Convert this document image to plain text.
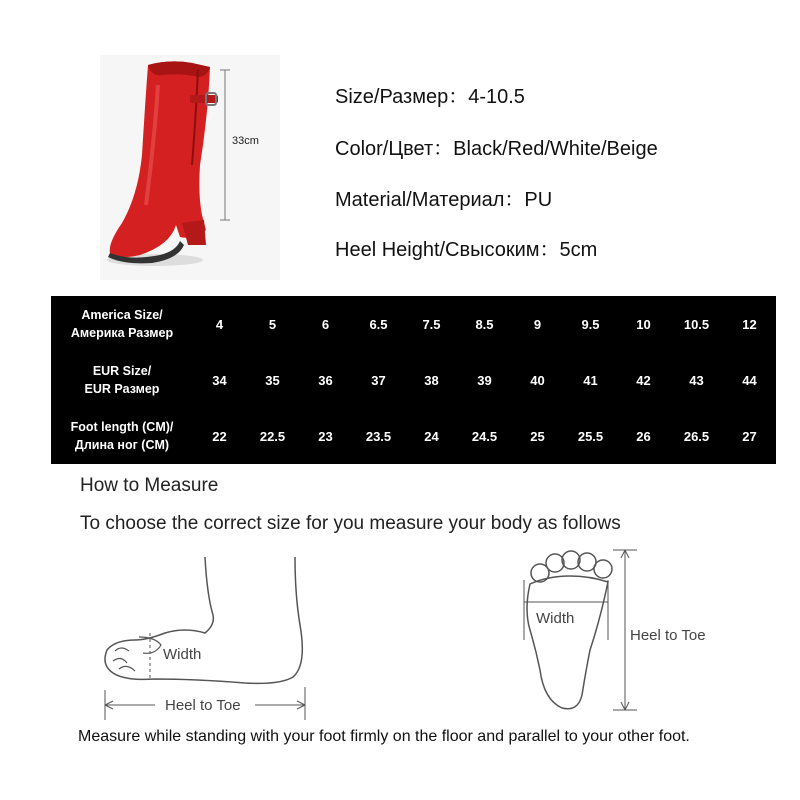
33cm
Size/Размер：4-10.5
Color/Цвет：Black/Red/White/Beige
Material/Материал：PU
Heel Height/Свысоким：5cm
America Size/
Америка Размер	4	5	6	6.5	7.5	8.5	9	9.5	10	10.5	12

EUR Size/
EUR Размер	34	35	36	37	38	39	40	41	42	43	44

Foot length (CM)/
Длина ног (CM)	22	22.5	23	23.5	24	24.5	25	25.5	26	26.5	27
How to Measure
To choose the correct size for you measure your body as follows
Width
Heel to Toe
Width
Heel to Toe
Measure while standing with your foot firmly on the floor and parallel to your other foot.
